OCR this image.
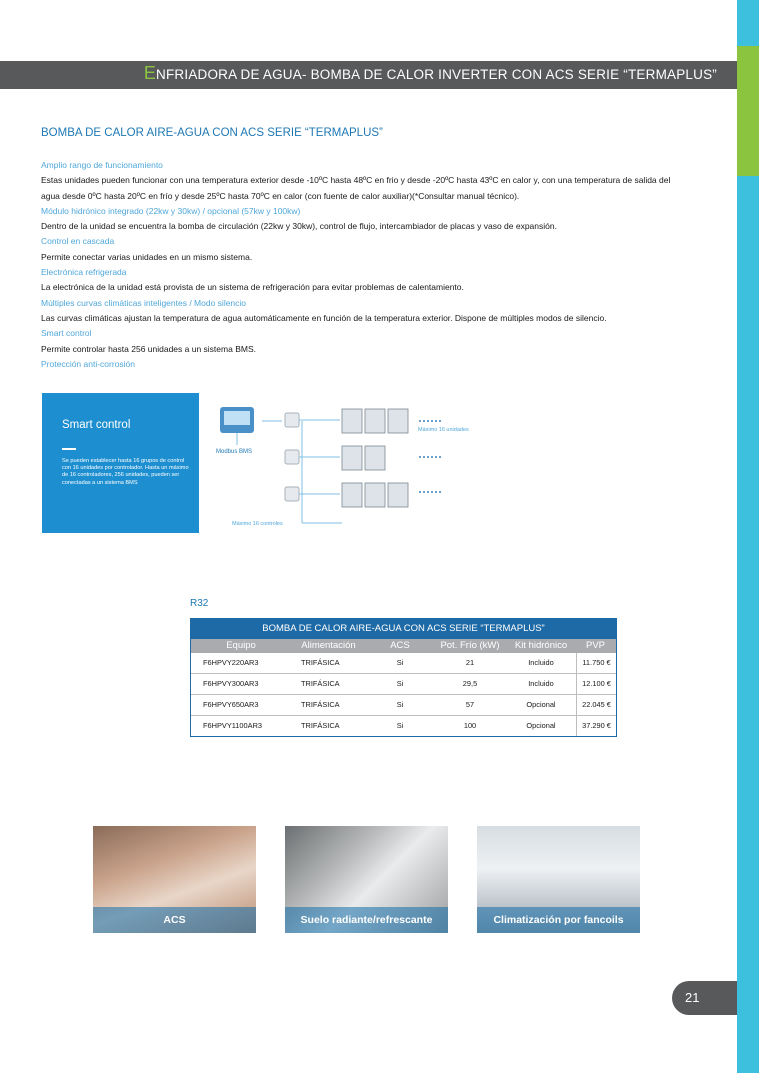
ENFRIADORA DE AGUA- BOMBA DE CALOR INVERTER CON ACS SERIE “TERMAPLUS”
BOMBA DE CALOR AIRE-AGUA CON ACS SERIE “TERMAPLUS”
Amplio rango de funcionamiento
Estas unidades pueden funcionar con una temperatura exterior desde -10ºC hasta 48ºC en frio y desde -20ºC hasta 43ºC en calor y, con una temperatura de salida del agua desde 0ºC hasta 20ºC en frío y desde 25ºC hasta 70ºC en calor (con fuente de calor auxiliar)(*Consultar manual técnico).
Módulo hidrónico integrado (22kw y 30kw) / opcional (57kw y 100kw)
Dentro de la unidad se encuentra la bomba de circulación (22kw y 30kw), control de flujo, intercambiador de placas y vaso de expansión.
Control en cascada
Permite conectar varias unidades en un mismo sistema.
Electrónica refrigerada
La electrónica de la unidad está provista de un sistema de refrigeración para evitar problemas de calentamiento.
Múltiples curvas climáticas inteligentes / Modo silencio
Las curvas climáticas ajustan la temperatura de agua automáticamente en función de la temperatura exterior. Dispone de múltiples modos de silencio.
Smart control
Permite controlar hasta 256 unidades a un sistema BMS.
Protección anti-corrosión
Smart control
Se pueden establecer hasta 16 grupos de control con 16 unidades por controlador. Hasta un máximo de 16 controladores, 256 unidades, pueden ser conectadas a un sistema BMS
Modbus BMS
Máximo 16 unidades
Máximo 16 controles
R32
BOMBA DE CALOR AIRE-AGUA CON ACS SERIE “TERMAPLUS”
Equipo	Alimentación	ACS	Pot. Frío (kW)	Kit hidrónico	PVP
F6HPVY220AR3	TRIFÁSICA	Si	21	Incluido	11.750 €
F6HPVY300AR3	TRIFÁSICA	Si	29,5	Incluido	12.100 €
F6HPVY650AR3	TRIFÁSICA	Si	57	Opcional	22.045 €
F6HPVY1100AR3	TRIFÁSICA	Si	100	Opcional	37.290 €
ACS	Suelo radiante/refrescante	Climatización por fancoils
21
